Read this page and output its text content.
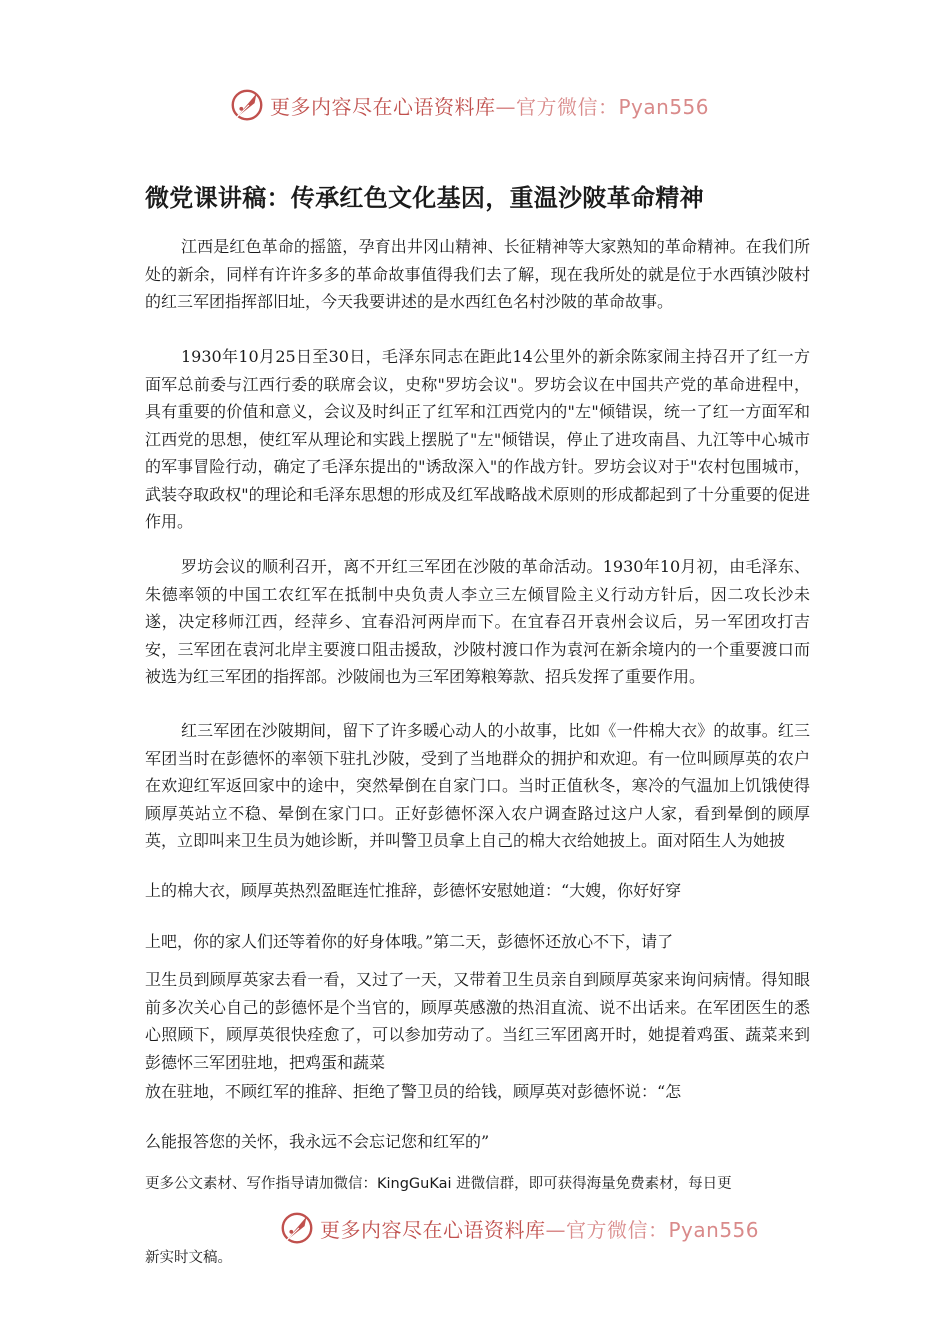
更多内容尽在心语资料库—官方微信：Pyan556
微党课讲稿：传承红色文化基因，重温沙陂革命精神

江西是红色革命的摇篮，孕育出井冈山精神、长征精神等大家熟知的革命精神。在我们所处的新余，同样有许许多多的革命故事值得我们去了解，现在我所处的就是位于水西镇沙陂村的红三军团指挥部旧址，今天我要讲述的是水西红色名村沙陂的革命故事。

1930年10月25日至30日，毛泽东同志在距此14公里外的新余陈家闹主持召开了红一方面军总前委与江西行委的联席会议，史称"罗坊会议"。罗坊会议在中国共产党的革命进程中，具有重要的价值和意义，会议及时纠正了红军和江西党内的"左"倾错误，统一了红一方面军和江西党的思想，使红军从理论和实践上摆脱了"左"倾错误，停止了进攻南昌、九江等中心城市的军事冒险行动，确定了毛泽东提出的"诱敌深入"的作战方针。罗坊会议对于"农村包围城市，武装夺取政权"的理论和毛泽东思想的形成及红军战略战术原则的形成都起到了十分重要的促进作用。

罗坊会议的顺利召开，离不开红三军团在沙陂的革命活动。1930年10月初，由毛泽东、朱德率领的中国工农红军在抵制中央负责人李立三左倾冒险主义行动方针后，因二攻长沙未遂，决定移师江西，经萍乡、宜春沿河两岸而下。在宜春召开袁州会议后，另一军团攻打吉安，三军团在袁河北岸主要渡口阻击援敌，沙陂村渡口作为袁河在新余境内的一个重要渡口而被选为红三军团的指挥部。沙陂闹也为三军团筹粮筹款、招兵发挥了重要作用。

红三军团在沙陂期间，留下了许多暖心动人的小故事，比如《一件棉大衣》的故事。红三军团当时在彭德怀的率领下驻扎沙陂，受到了当地群众的拥护和欢迎。有一位叫顾厚英的农户在欢迎红军返回家中的途中，突然晕倒在自家门口。当时正值秋冬，寒冷的气温加上饥饿使得顾厚英站立不稳、晕倒在家门口。正好彭德怀深入农户调查路过这户人家，看到晕倒的顾厚英，立即叫来卫生员为她诊断，并叫警卫员拿上自己的棉大衣给她披上。面对陌生人为她披

上的棉大衣，顾厚英热烈盈眶连忙推辞，彭德怀安慰她道：“大嫂，你好好穿

上吧，你的家人们还等着你的好身体哦。”第二天，彭德怀还放心不下，请了

卫生员到顾厚英家去看一看，又过了一天，又带着卫生员亲自到顾厚英家来询问病情。得知眼前多次关心自己的彭德怀是个当官的，顾厚英感激的热泪直流、说不出话来。在军团医生的悉心照顾下，顾厚英很快痊愈了，可以参加劳动了。当红三军团离开时，她提着鸡蛋、蔬菜来到彭德怀三军团驻地，把鸡蛋和蔬菜

放在驻地，不顾红军的推辞、拒绝了警卫员的给钱，顾厚英对彭德怀说：“怎

么能报答您的关怀，我永远不会忘记您和红军的”

更多公文素材、写作指导请加微信：KingGuKai 进微信群，即可获得海量免费素材，每日更

更多内容尽在心语资料库—官方微信：Pyan556

新实时文稿。
